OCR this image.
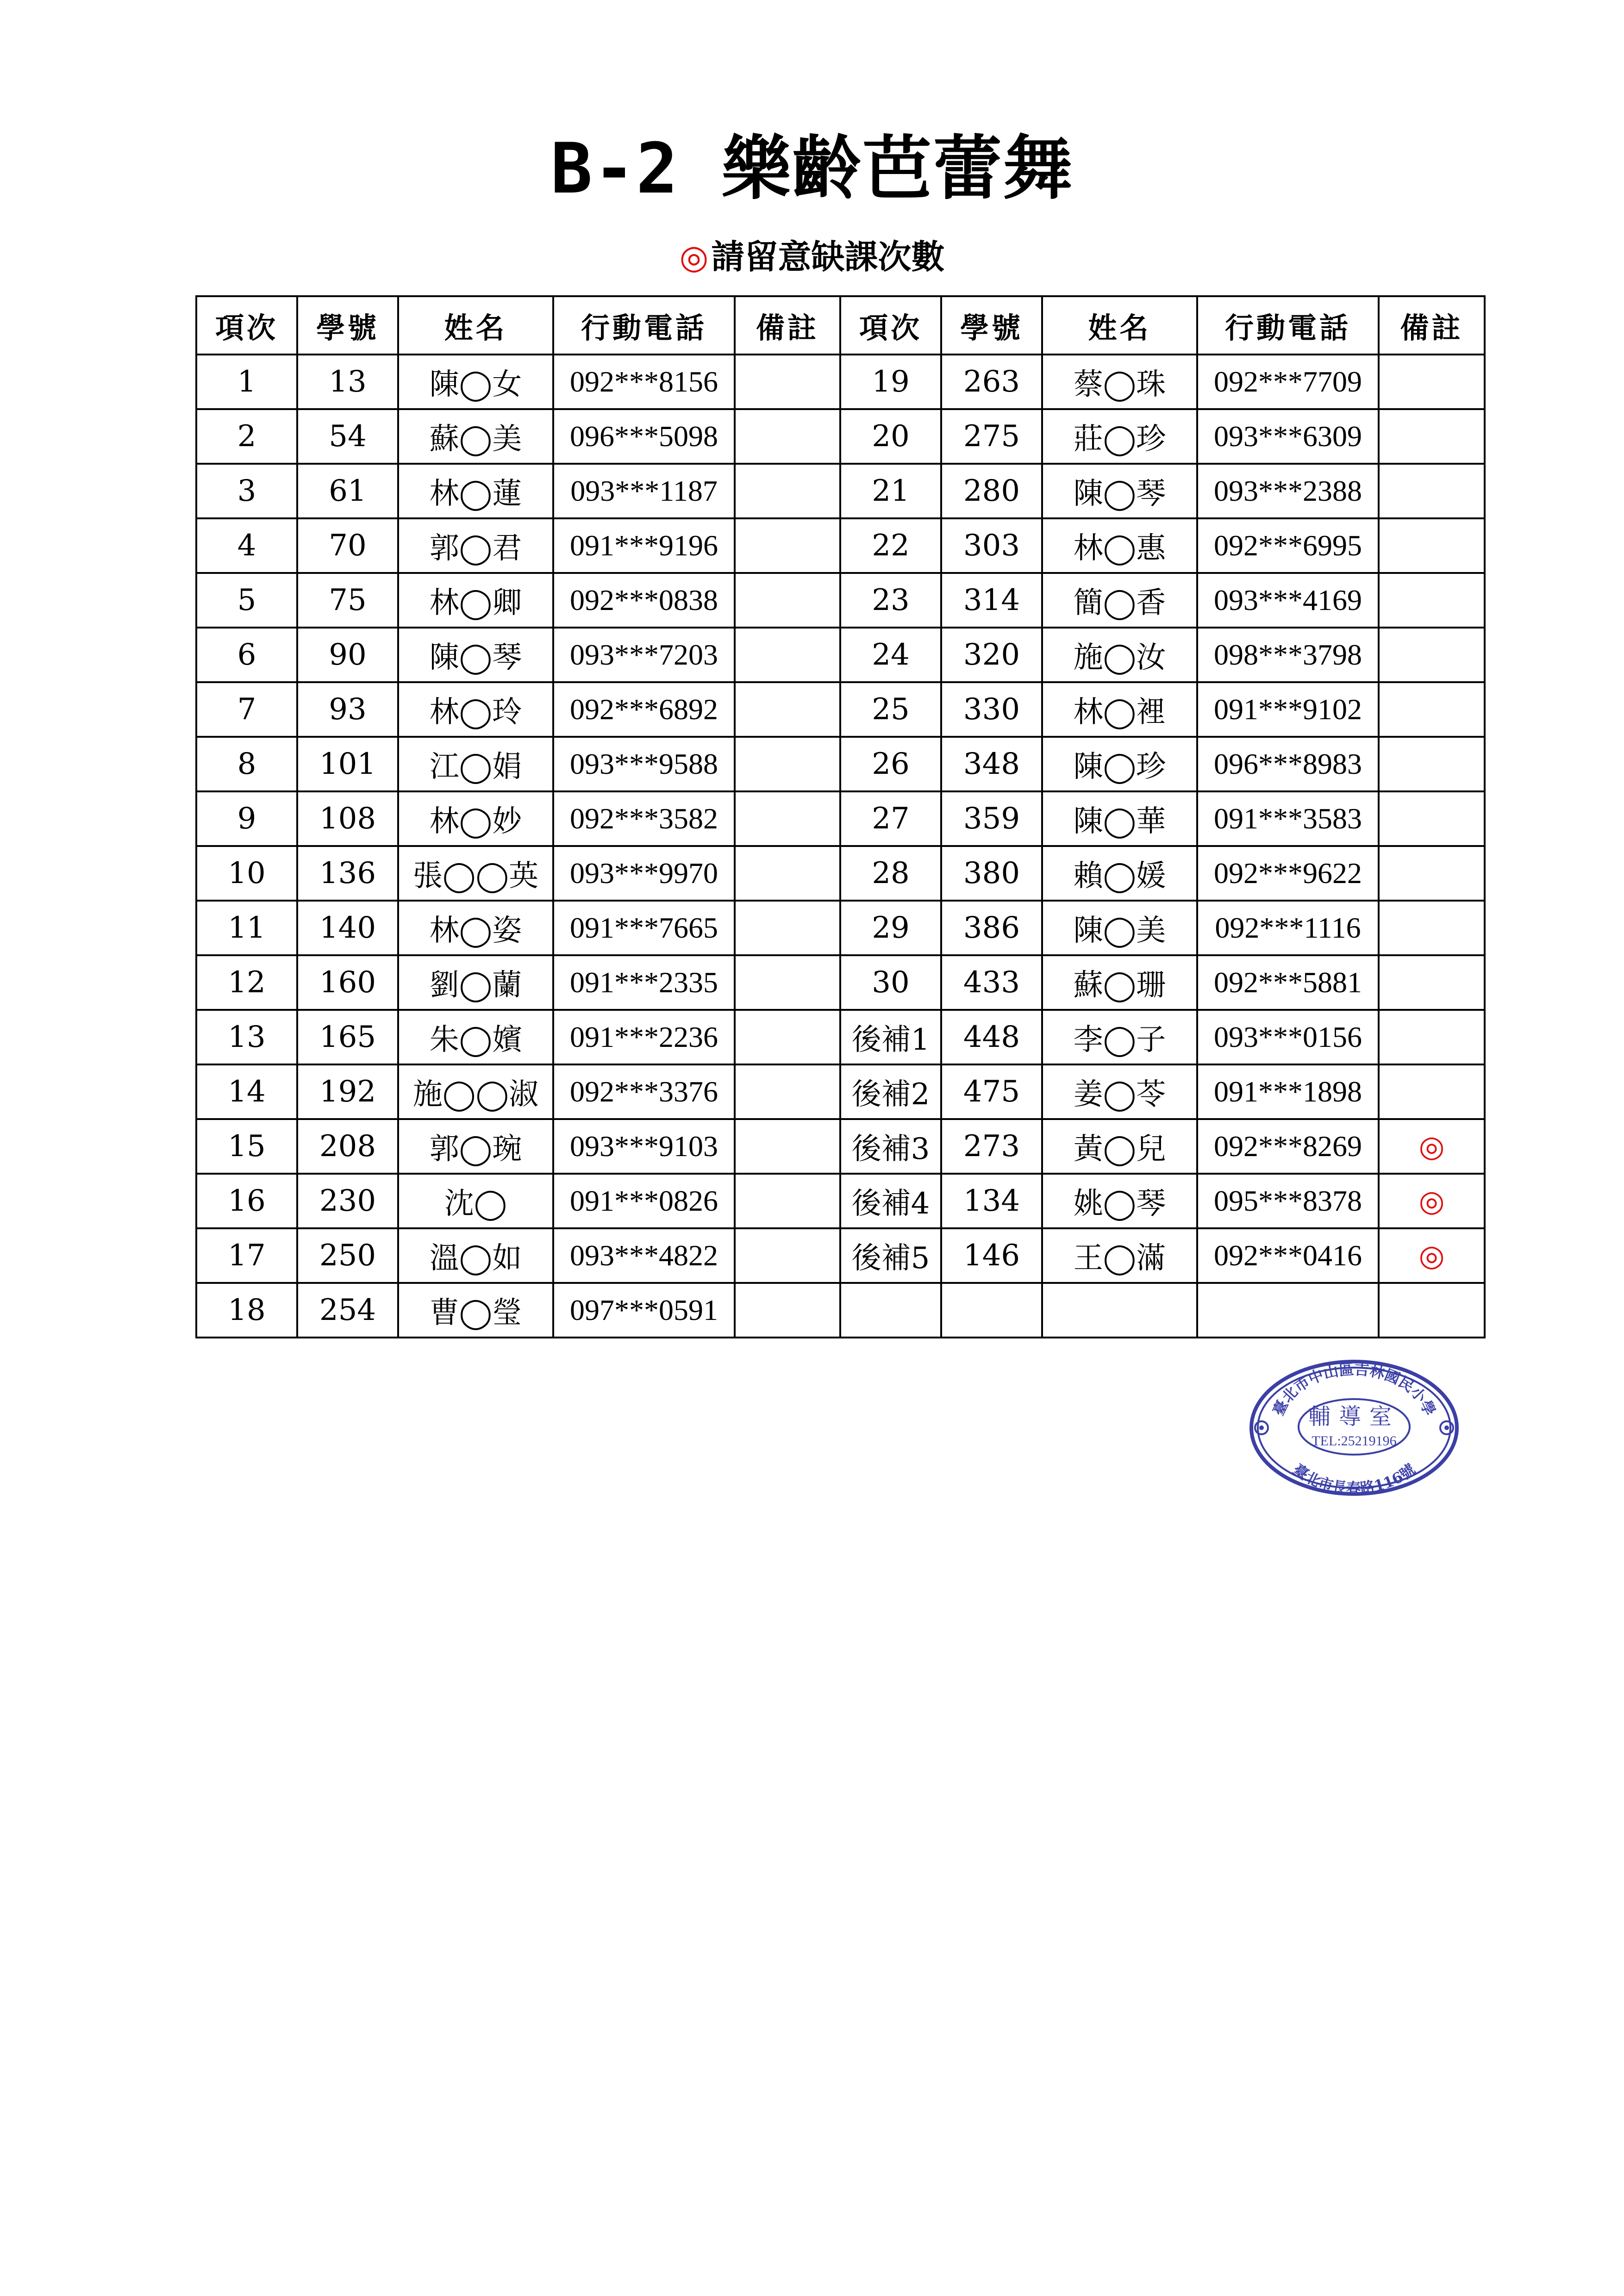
B-2 樂齡芭蕾舞
◎請留意缺課次數
項次	學號	姓名	行動電話	備註	項次	學號	姓名	行動電話	備註
1	13	陳◯女	092***8156		19	263	蔡◯珠	092***7709	
2	54	蘇◯美	096***5098		20	275	莊◯珍	093***6309	
3	61	林◯蓮	093***1187		21	280	陳◯琴	093***2388	
4	70	郭◯君	091***9196		22	303	林◯惠	092***6995	
5	75	林◯卿	092***0838		23	314	簡◯香	093***4169	
6	90	陳◯琴	093***7203		24	320	施◯汝	098***3798	
7	93	林◯玲	092***6892		25	330	林◯裡	091***9102	
8	101	江◯娟	093***9588		26	348	陳◯珍	096***8983	
9	108	林◯妙	092***3582		27	359	陳◯華	091***3583	
10	136	張◯◯英	093***9970		28	380	賴◯媛	092***9622	
11	140	林◯姿	091***7665		29	386	陳◯美	092***1116	
12	160	劉◯蘭	091***2335		30	433	蘇◯珊	092***5881	
13	165	朱◯嬪	091***2236		後補1	448	李◯子	093***0156	
14	192	施◯◯淑	092***3376		後補2	475	姜◯苓	091***1898	
15	208	郭◯琬	093***9103		後補3	273	黃◯兒	092***8269	◎
16	230	沈◯	091***0826		後補4	134	姚◯琴	095***8378	◎
17	250	溫◯如	093***4822		後補5	146	王◯滿	092***0416	◎
18	254	曹◯瑩	097***0591						
臺北市中山區吉林國民小學
臺北市長春路116號
輔導室
TEL:25219196
